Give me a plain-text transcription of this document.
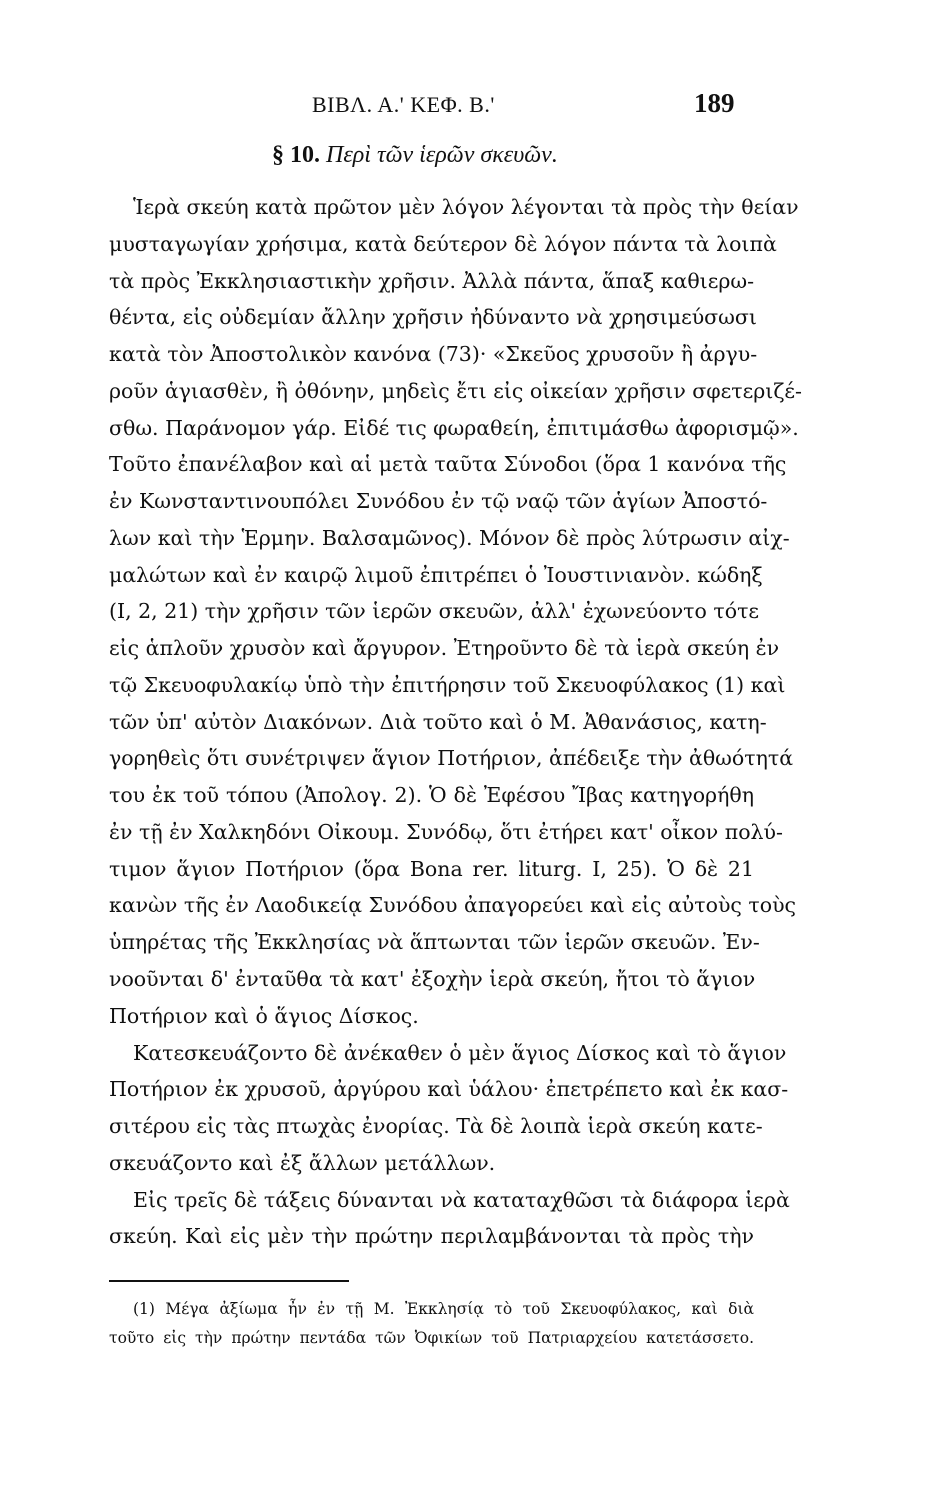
ΒΙΒΛ. Α.' ΚΕΦ. Β.'	189
§ 10. Περὶ τῶν ἱερῶν σκευῶν.
Ἱερὰ σκεύη κατὰ πρῶτον μὲν λόγον λέγονται τὰ πρὸς τὴν θείαν
μυσταγωγίαν χρήσιμα, κατὰ δεύτερον δὲ λόγον πάντα τὰ λοιπὰ
τὰ πρὸς Ἐκκλησιαστικὴν χρῆσιν. Ἀλλὰ πάντα, ἅπαξ καθιερω-
θέντα, εἰς οὐδεμίαν ἄλλην χρῆσιν ἠδύναντο νὰ χρησιμεύσωσι
κατὰ τὸν Ἀποστολικὸν κανόνα (73)· «Σκεῦος χρυσοῦν ἢ ἀργυ-
ροῦν ἁγιασθὲν, ἢ ὀθόνην, μηδεὶς ἔτι εἰς οἰκείαν χρῆσιν σφετεριζέ-
σθω. Παράνομον γάρ. Εἰδέ τις φωραθείη, ἐπιτιμάσθω ἀφορισμῷ».
Τοῦτο ἐπανέλαβον καὶ αἱ μετὰ ταῦτα Σύνοδοι (ὅρα 1 κανόνα τῆς
ἐν Κωνσταντινουπόλει Συνόδου ἐν τῷ ναῷ τῶν ἁγίων Ἀποστό-
λων καὶ τὴν Ἑρμην. Βαλσαμῶνος). Μόνον δὲ πρὸς λύτρωσιν αἰχ-
μαλώτων καὶ ἐν καιρῷ λιμοῦ ἐπιτρέπει ὁ Ἰουστινιανὸν. κώδηξ
(I, 2, 21) τὴν χρῆσιν τῶν ἱερῶν σκευῶν, ἀλλ' ἐχωνεύοντο τότε
εἰς ἁπλοῦν χρυσὸν καὶ ἄργυρον. Ἐτηροῦντο δὲ τὰ ἱερὰ σκεύη ἐν
τῷ Σκευοφυλακίῳ ὑπὸ τὴν ἐπιτήρησιν τοῦ Σκευοφύλακος (1) καὶ
τῶν ὑπ' αὐτὸν Διακόνων. Διὰ τοῦτο καὶ ὁ Μ. Ἀθανάσιος, κατη-
γορηθεὶς ὅτι συνέτριψεν ἅγιον Ποτήριον, ἀπέδειξε τὴν ἀθωότητά
του ἐκ τοῦ τόπου (Ἀπολογ. 2). Ὁ δὲ Ἐφέσου Ἴβας κατηγορήθη
ἐν τῇ ἐν Χαλκηδόνι Οἰκουμ. Συνόδῳ, ὅτι ἐτήρει κατ' οἶκον πολύ-
τιμον ἅγιον Ποτήριον (ὅρα Bona rer. liturg. I, 25). Ὁ δὲ 21
κανὼν τῆς ἐν Λαοδικείᾳ Συνόδου ἀπαγορεύει καὶ εἰς αὐτοὺς τοὺς
ὑπηρέτας τῆς Ἐκκλησίας νὰ ἅπτωνται τῶν ἱερῶν σκευῶν. Ἐν-
νοοῦνται δ' ἐνταῦθα τὰ κατ' ἐξοχὴν ἱερὰ σκεύη, ἤτοι τὸ ἅγιον
Ποτήριον καὶ ὁ ἅγιος Δίσκος.
Κατεσκευάζοντο δὲ ἀνέκαθεν ὁ μὲν ἅγιος Δίσκος καὶ τὸ ἅγιον
Ποτήριον ἐκ χρυσοῦ, ἀργύρου καὶ ὑάλου· ἐπετρέπετο καὶ ἐκ κασ-
σιτέρου εἰς τὰς πτωχὰς ἐνορίας. Τὰ δὲ λοιπὰ ἱερὰ σκεύη κατε-
σκευάζοντο καὶ ἐξ ἄλλων μετάλλων.
Εἰς τρεῖς δὲ τάξεις δύνανται νὰ καταταχθῶσι τὰ διάφορα ἱερὰ
σκεύη. Καὶ εἰς μὲν τὴν πρώτην περιλαμβάνονται τὰ πρὸς τὴν
(1) Μέγα ἀξίωμα ἦν ἐν τῇ Μ. Ἐκκλησίᾳ τὸ τοῦ Σκευοφύλακος, καὶ διὰ
τοῦτο εἰς τὴν πρώτην πεντάδα τῶν Ὀφικίων τοῦ Πατριαρχείου κατετάσσετο.
